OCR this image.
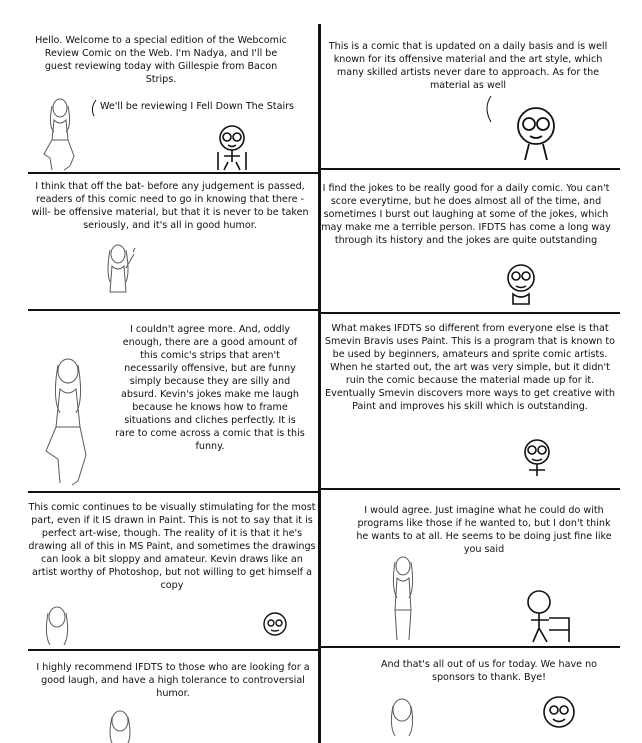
Hello. Welcome to a special edition of the Webcomic Review Comic on the Web. I'm Nadya, and I'll be guest reviewing today with Gillespie from Bacon Strips.
We'll be reviewing I Fell Down The Stairs
This is a comic that is updated on a daily basis and is well known for its offensive material and the art style, which many skilled artists never dare to approach. As for the material as well
I think that off the bat- before any judgement is passed, readers of this comic need to go in knowing that there -will- be offensive material, but that it is never to be taken seriously, and it's all in good humor.
I find the jokes to be really good for a daily comic. You can't score everytime, but he does almost all of the time, and sometimes I burst out laughing at some of the jokes, which may make me a terrible person. IFDTS has come a long way through its history and the jokes are quite outstanding
I couldn't agree more. And, oddly enough, there are a good amount of this comic's strips that aren't necessarily offensive, but are funny simply because they are silly and absurd. Kevin's jokes make me laugh because he knows how to frame situations and cliches perfectly. It is rare to come across a comic that is this funny.
What makes IFDTS so different from everyone else is that Smevin Bravis uses Paint. This is a program that is known to be used by beginners, amateurs and sprite comic artists. When he started out, the art was very simple, but it didn't ruin the comic because the material made up for it. Eventually Smevin discovers more ways to get creative with Paint and improves his skill which is outstanding.
This comic continues to be visually stimulating for the most part, even if it IS drawn in Paint. This is not to say that it is perfect art-wise, though. The reality of it is that it he's drawing all of this in MS Paint, and sometimes the drawings can look a bit sloppy and amateur. Kevin draws like an artist worthy of Photoshop, but not willing to get himself a copy
I would agree. Just imagine what he could do with programs like those if he wanted to, but I don't think he wants to at all. He seems to be doing just fine like you said
I highly recommend IFDTS to those who are looking for a good laugh, and have a high tolerance to controversial humor.
And that's all out of us for today. We have no sponsors to thank. Bye!
